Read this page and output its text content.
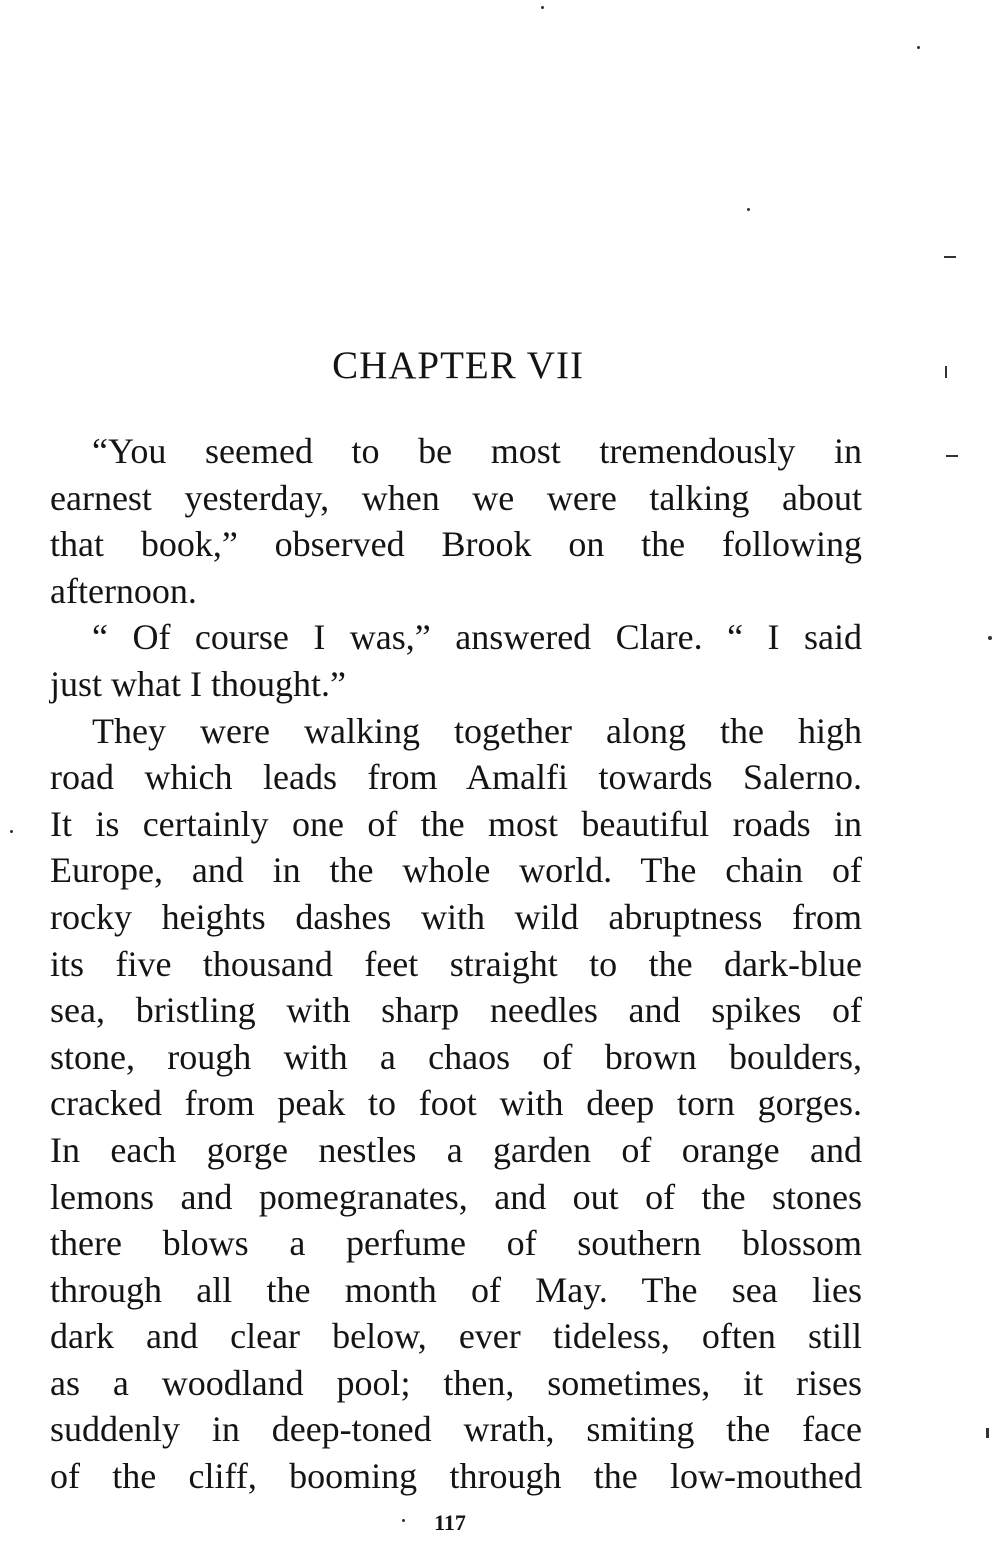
CHAPTER VII
“You seemed to be most tremendously in
earnest yesterday, when we were talking about
that book,” observed Brook on the following
afternoon.
“ Of course I was,” answered Clare. “ I said
just what I thought.”
They were walking together along the high
road which leads from Amalfi towards Salerno.
It is certainly one of the most beautiful roads in
Europe, and in the whole world. The chain of
rocky heights dashes with wild abruptness from
its five thousand feet straight to the dark-blue
sea, bristling with sharp needles and spikes of
stone, rough with a chaos of brown boulders,
cracked from peak to foot with deep torn gorges.
In each gorge nestles a garden of orange and
lemons and pomegranates, and out of the stones
there blows a perfume of southern blossom
through all the month of May. The sea lies
dark and clear below, ever tideless, often still
as a woodland pool; then, sometimes, it rises
suddenly in deep-toned wrath, smiting the face
of the cliff, booming through the low-mouthed
117
